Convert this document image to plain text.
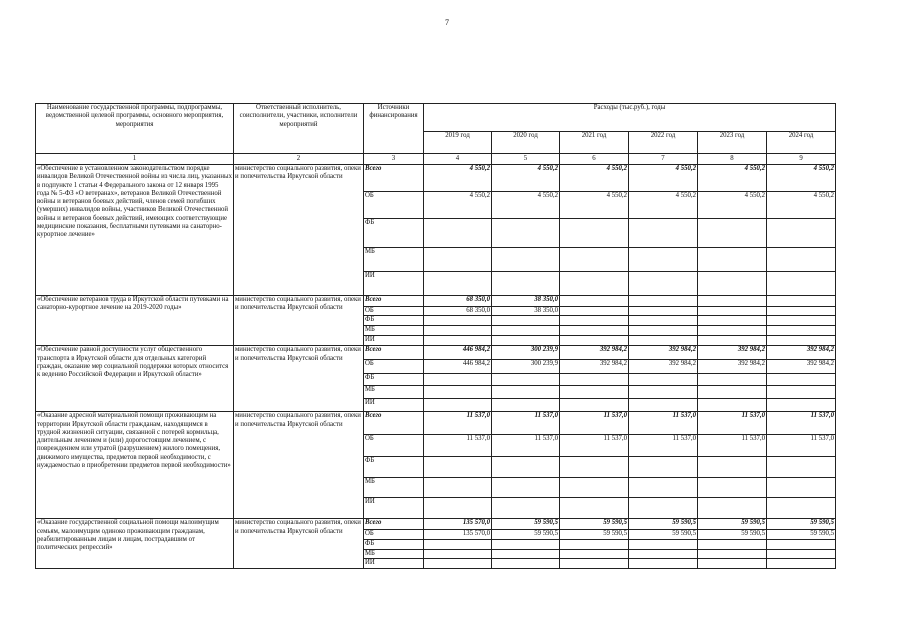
7
Наименование государственной программы, подпрограммы, ведомственной целевой программы, основного мероприятия, мероприятия	Ответственный исполнитель, соисполнители, участники, исполнители мероприятий	Источники финансирования	Расходы (тыс.руб.), годы					
			2019 год	2020 год	2021 год	2022 год	2023 год	2024 год
1	2	3	4	5	6	7	8	9
«Обеспечение в установленном законодательством порядке инвалидов Великой Отечественной войны из числа лиц, указанных в подпункте 1 статьи 4 Федерального закона от 12 января 1995 года № 5-ФЗ «О ветеранах», ветеранов Великой Отечественной войны и ветеранов боевых действий, членов семей погибших (умерших) инвалидов войны, участников Великой Отечественной войны и ветеранов боевых действий, имеющих соответствующие медицинские показания, бесплатными путевками на санаторно-курортное лечение»	министерство социального развития, опеки и попечительства Иркутской области	Всего	4 550,2	4 550,2	4 550,2	4 550,2	4 550,2	4 550,2
		ОБ	4 550,2	4 550,2	4 550,2	4 550,2	4 550,2	4 550,2
		ФБ						
		МБ						
		ИИ						
«Обеспечение ветеранов труда в Иркутской области путевками на санаторно-курортное лечение на 2019-2020 годы»	министерство социального развития, опеки и попечительства Иркутской области	Всего	68 350,0	38 350,0				
		ОБ	68 350,0	38 350,0				
		ФБ						
		МБ						
		ИИ						
«Обеспечение равной доступности услуг общественного транспорта в Иркутской области для отдельных категорий граждан, оказание мер социальной поддержки которых относится к ведению Российской Федерации и Иркутской области»	министерство социального развития, опеки и попечительства Иркутской области	Всего	446 984,2	300 239,9	392 984,2	392 984,2	392 984,2	392 984,2
		ОБ	446 984,2	300 239,9	392 984,2	392 984,2	392 984,2	392 984,2
		ФБ						
		МБ						
		ИИ						
«Оказание адресной материальной помощи проживающим на территории Иркутской области гражданам, находящимся в трудной жизненной ситуации, связанной с потерей кормильца, длительным лечением и (или) дорогостоящим лечением, с повреждением или утратой (разрушением) жилого помещения, движимого имущества, предметов первой необходимости, с нуждаемостью в приобретении предметов первой необходимости»	министерство социального развития, опеки и попечительства Иркутской области	Всего	11 537,0	11 537,0	11 537,0	11 537,0	11 537,0	11 537,0
		ОБ	11 537,0	11 537,0	11 537,0	11 537,0	11 537,0	11 537,0
		ФБ						
		МБ						
		ИИ						
«Оказание государственной социальной помощи малоимущим семьям, малоимущим одиноко проживающим гражданам, реабилитированным лицам и лицам, пострадавшим от политических репрессий»	министерство социального развития, опеки и попечительства Иркутской области	Всего	135 570,0	59 590,5	59 590,5	59 590,5	59 590,5	59 590,5
		ОБ	135 570,0	59 590,5	59 590,5	59 590,5	59 590,5	59 590,5
		ФБ						
		МБ						
		ИИ						
